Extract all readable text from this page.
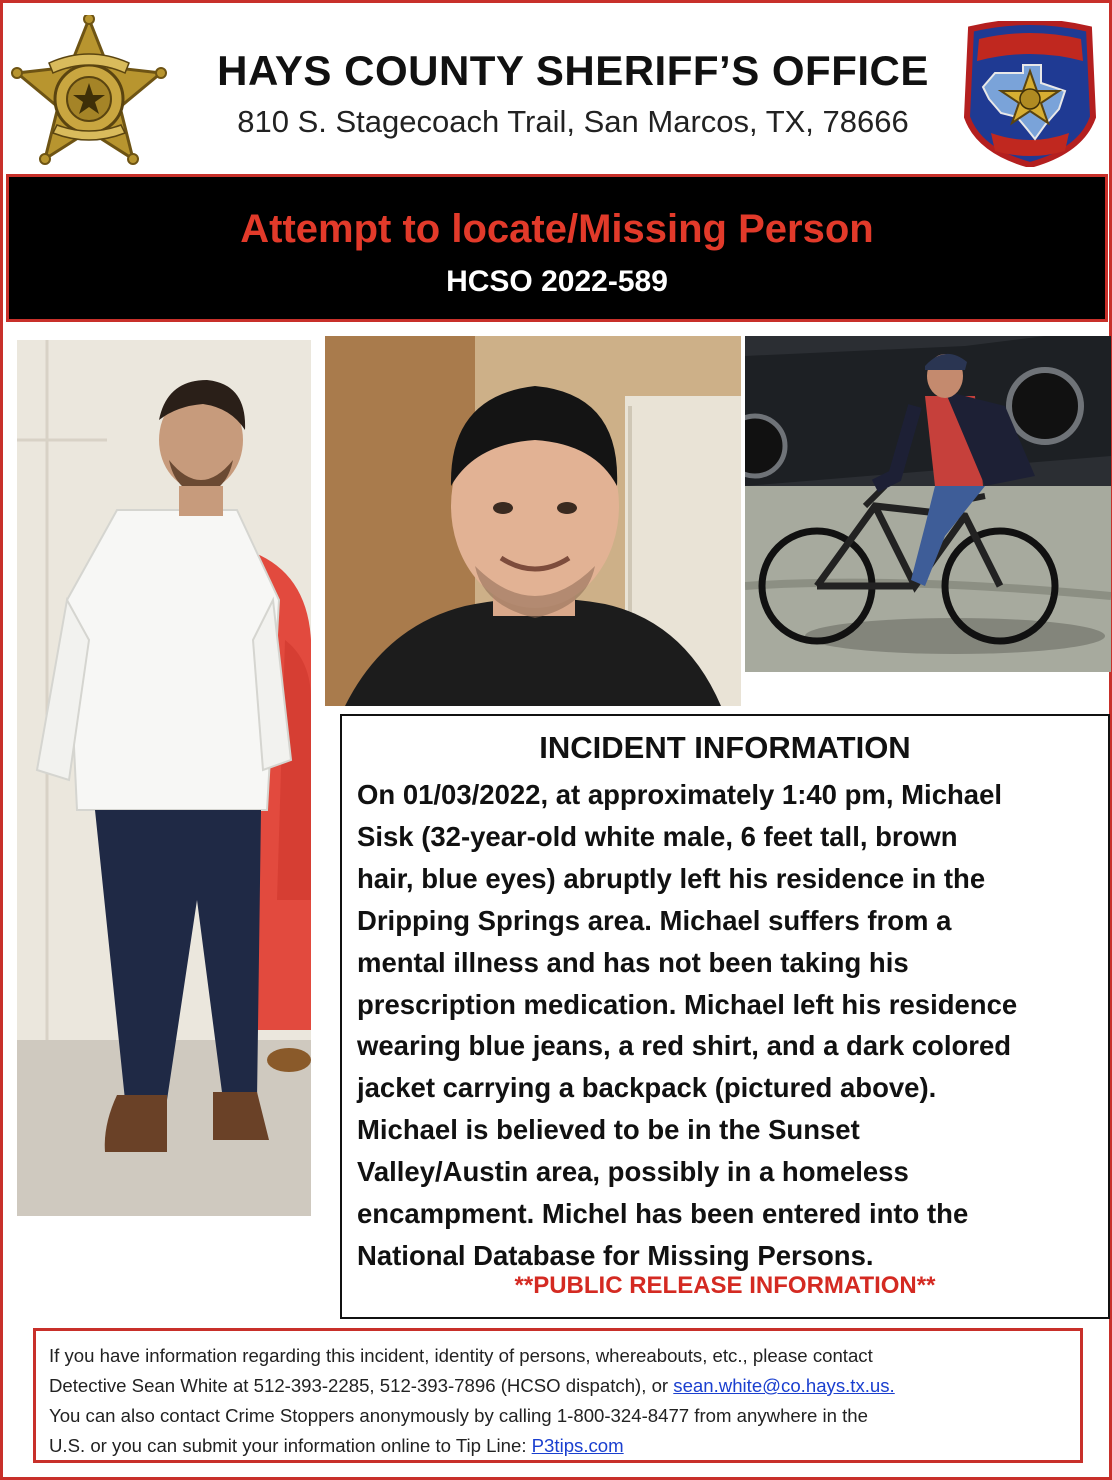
HAYS COUNTY SHERIFF’S OFFICE
810 S. Stagecoach Trail, San Marcos, TX, 78666
Attempt to locate/Missing Person
HCSO 2022-589
INCIDENT INFORMATION
On 01/03/2022, at approximately 1:40 pm, Michael
Sisk (32-year-old white male, 6 feet tall, brown
hair, blue eyes) abruptly left his residence in the
Dripping Springs area. Michael suffers from a
mental illness and has not been taking his
prescription medication. Michael left his residence
wearing blue jeans, a red shirt, and a dark colored
jacket carrying a backpack (pictured above).
Michael is believed to be in the Sunset
Valley/Austin area, possibly in a homeless
encampment. Michel has been entered into the
National Database for Missing Persons.
**PUBLIC RELEASE INFORMATION**
If you have information regarding this incident, identity of persons, whereabouts, etc., please contact
Detective Sean White at 512-393-2285, 512-393-7896 (HCSO dispatch), or sean.white@co.hays.tx.us.
You can also contact Crime Stoppers anonymously by calling 1-800-324-8477 from anywhere in the
U.S. or you can submit your information online to Tip Line: P3tips.com
